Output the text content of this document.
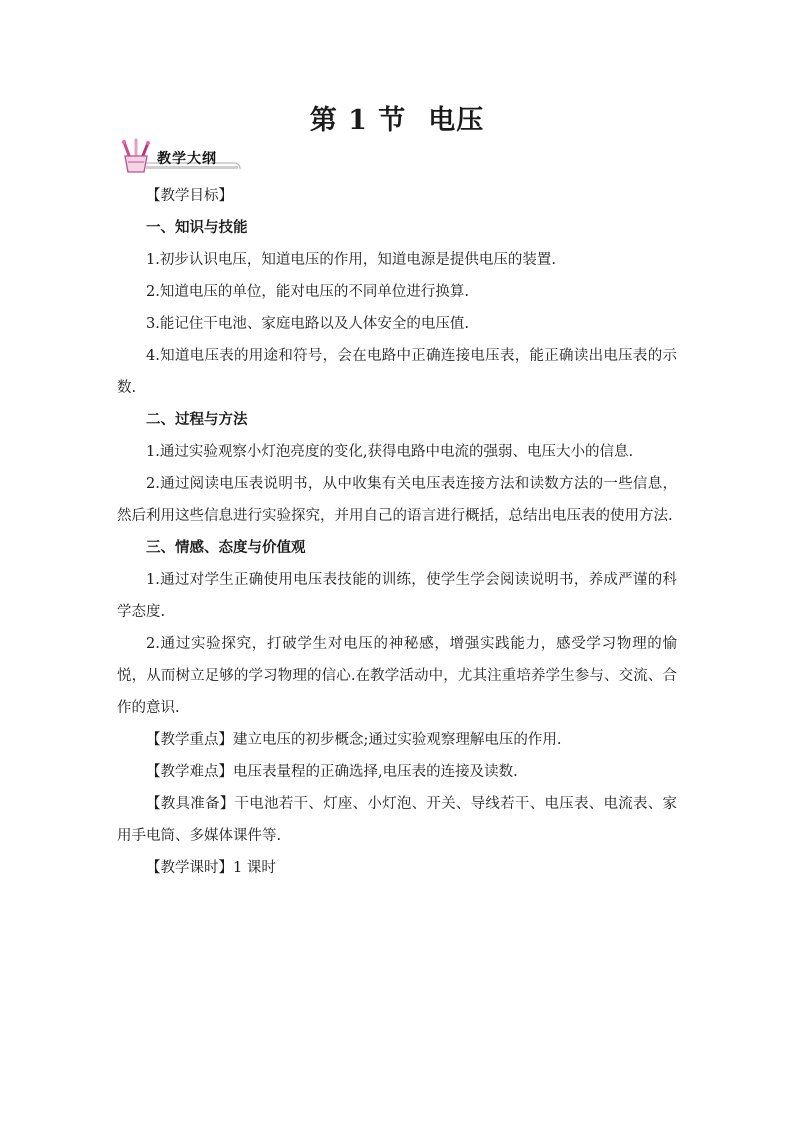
第 1 节 电压
教学大纲

【教学目标】

一、知识与技能

1.初步认识电压，知道电压的作用，知道电源是提供电压的装置.

2.知道电压的单位，能对电压的不同单位进行换算.

3.能记住干电池、家庭电路以及人体安全的电压值.

4.知道电压表的用途和符号，会在电路中正确连接电压表，能正确读出电压表的示数.

二、过程与方法

1.通过实验观察小灯泡亮度的变化,获得电路中电流的强弱、电压大小的信息.

2.通过阅读电压表说明书，从中收集有关电压表连接方法和读数方法的一些信息，然后利用这些信息进行实验探究，并用自己的语言进行概括，总结出电压表的使用方法.

三、情感、态度与价值观

1.通过对学生正确使用电压表技能的训练，使学生学会阅读说明书，养成严谨的科学态度.

2.通过实验探究，打破学生对电压的神秘感，增强实践能力，感受学习物理的愉悦，从而树立足够的学习物理的信心.在教学活动中，尤其注重培养学生参与、交流、合作的意识.

【教学重点】建立电压的初步概念;通过实验观察理解电压的作用.

【教学难点】电压表量程的正确选择,电压表的连接及读数.

【教具准备】干电池若干、灯座、小灯泡、开关、导线若干、电压表、电流表、家用手电筒、多媒体课件等.

【教学课时】1 课时
